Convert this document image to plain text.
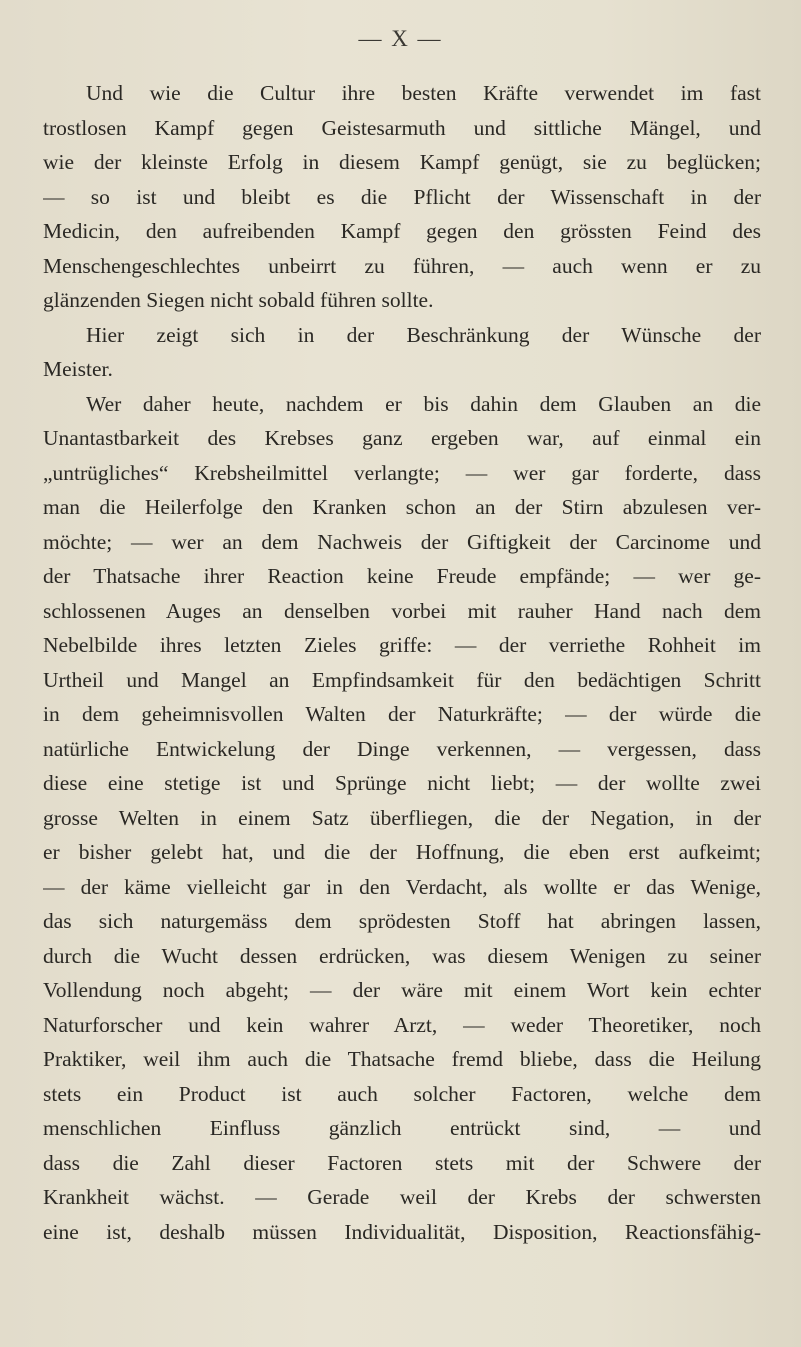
— X —
Und wie die Cultur ihre besten Kräfte verwendet im fast
trostlosen Kampf gegen Geistesarmuth und sittliche Mängel, und
wie der kleinste Erfolg in diesem Kampf genügt, sie zu beglücken;
— so ist und bleibt es die Pflicht der Wissenschaft in der
Medicin, den aufreibenden Kampf gegen den grössten Feind des
Menschengeschlechtes unbeirrt zu führen, — auch wenn er zu
glänzenden Siegen nicht sobald führen sollte.
Hier zeigt sich in der Beschränkung der Wünsche der
Meister.
Wer daher heute, nachdem er bis dahin dem Glauben an die
Unantastbarkeit des Krebses ganz ergeben war, auf einmal ein
„untrügliches“ Krebsheilmittel verlangte; — wer gar forderte, dass
man die Heilerfolge den Kranken schon an der Stirn abzulesen ver-
möchte; — wer an dem Nachweis der Giftigkeit der Carcinome und
der Thatsache ihrer Reaction keine Freude empfände; — wer ge-
schlossenen Auges an denselben vorbei mit rauher Hand nach dem
Nebelbilde ihres letzten Zieles griffe: — der verriethe Rohheit im
Urtheil und Mangel an Empfindsamkeit für den bedächtigen Schritt
in dem geheimnisvollen Walten der Naturkräfte; — der würde die
natürliche Entwickelung der Dinge verkennen, — vergessen, dass
diese eine stetige ist und Sprünge nicht liebt; — der wollte zwei
grosse Welten in einem Satz überfliegen, die der Negation, in der
er bisher gelebt hat, und die der Hoffnung, die eben erst aufkeimt;
— der käme vielleicht gar in den Verdacht, als wollte er das Wenige,
das sich naturgemäss dem sprödesten Stoff hat abringen lassen,
durch die Wucht dessen erdrücken, was diesem Wenigen zu seiner
Vollendung noch abgeht; — der wäre mit einem Wort kein echter
Naturforscher und kein wahrer Arzt, — weder Theoretiker, noch
Praktiker, weil ihm auch die Thatsache fremd bliebe, dass die Heilung
stets ein Product ist auch solcher Factoren, welche dem
menschlichen Einfluss gänzlich entrückt sind, — und
dass die Zahl dieser Factoren stets mit der Schwere der
Krankheit wächst. — Gerade weil der Krebs der schwersten
eine ist, deshalb müssen Individualität, Disposition, Reactionsfähig-
